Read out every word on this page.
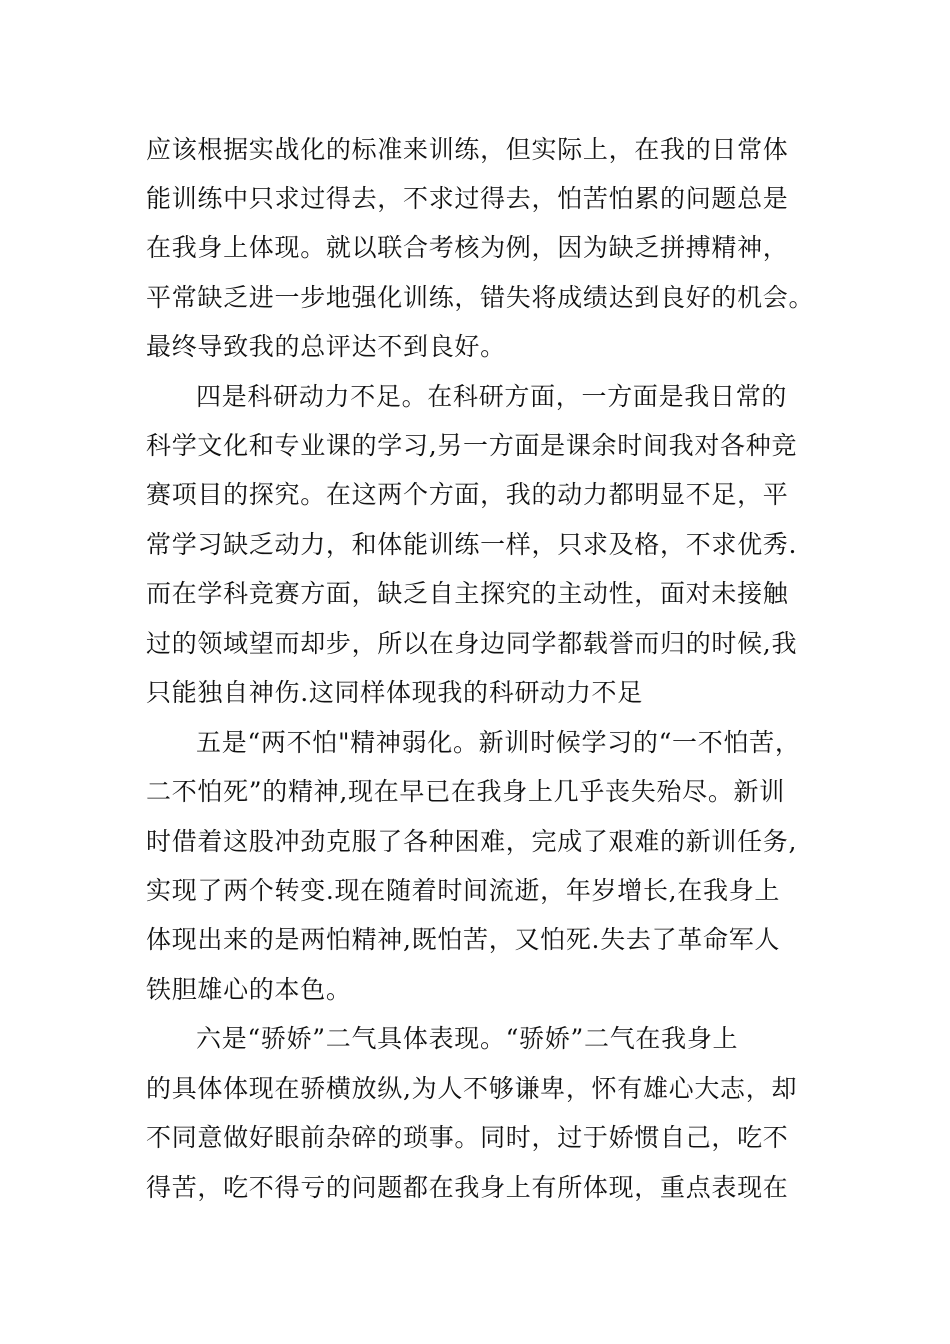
应该根据实战化的标准来训练，但实际上，在我的日常体
能训练中只求过得去，不求过得去，怕苦怕累的问题总是
在我身上体现。就以联合考核为例，因为缺乏拼搏精神，
平常缺乏进一步地强化训练，错失将成绩达到良好的机会。
最终导致我的总评达不到良好。
四是科研动力不足。在科研方面，一方面是我日常的
科学文化和专业课的学习,另一方面是课余时间我对各种竞
赛项目的探究。在这两个方面，我的动力都明显不足，平
常学习缺乏动力，和体能训练一样，只求及格，不求优秀.
而在学科竞赛方面，缺乏自主探究的主动性，面对未接触
过的领域望而却步，所以在身边同学都载誉而归的时候,我
只能独自神伤.这同样体现我的科研动力不足
五是“两不怕"精神弱化。新训时候学习的“一不怕苦，
二不怕死”的精神,现在早已在我身上几乎丧失殆尽。新训
时借着这股冲劲克服了各种困难，完成了艰难的新训任务,
实现了两个转变.现在随着时间流逝，年岁增长,在我身上
体现出来的是两怕精神,既怕苦，又怕死.失去了革命军人
铁胆雄心的本色。
六是“骄娇”二气具体表现。“骄娇”二气在我身上
的具体体现在骄横放纵,为人不够谦卑，怀有雄心大志，却
不同意做好眼前杂碎的琐事。同时，过于娇惯自己，吃不
得苦，吃不得亏的问题都在我身上有所体现，重点表现在
